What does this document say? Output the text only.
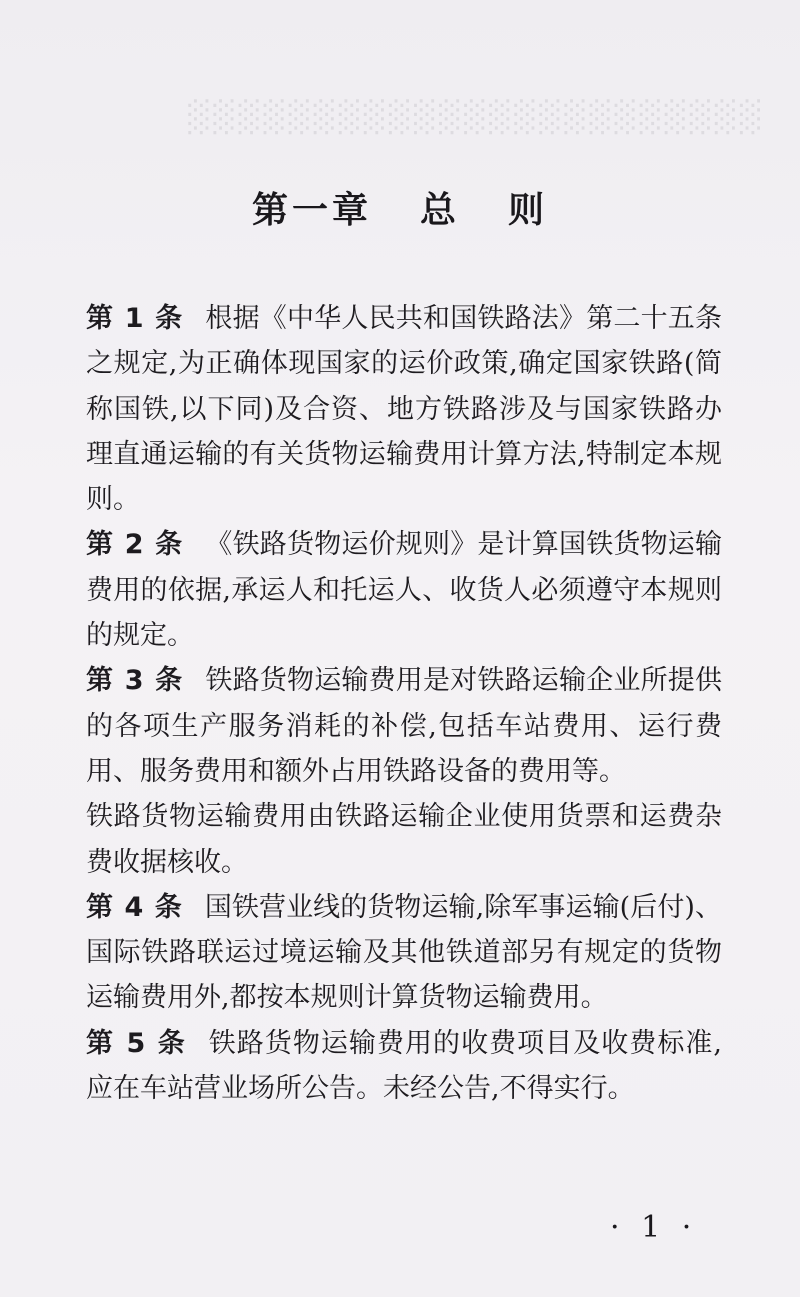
░░░░░░░░░░░░░░░░░░░░░░░
第一章 总 则

第 1 条 根据《中华人民共和国铁路法》第二十五条之规定,为正确体现国家的运价政策,确定国家铁路(简称国铁,以下同)及合资、地方铁路涉及与国家铁路办理直通运输的有关货物运输费用计算方法,特制定本规则。

第 2 条 《铁路货物运价规则》是计算国铁货物运输费用的依据,承运人和托运人、收货人必须遵守本规则的规定。

第 3 条 铁路货物运输费用是对铁路运输企业所提供的各项生产服务消耗的补偿,包括车站费用、运行费用、服务费用和额外占用铁路设备的费用等。

铁路货物运输费用由铁路运输企业使用货票和运费杂费收据核收。

第 4 条 国铁营业线的货物运输,除军事运输(后付)、国际铁路联运过境运输及其他铁道部另有规定的货物运输费用外,都按本规则计算货物运输费用。

第 5 条 铁路货物运输费用的收费项目及收费标准,应在车站营业场所公告。未经公告,不得实行。

· 1 ·
